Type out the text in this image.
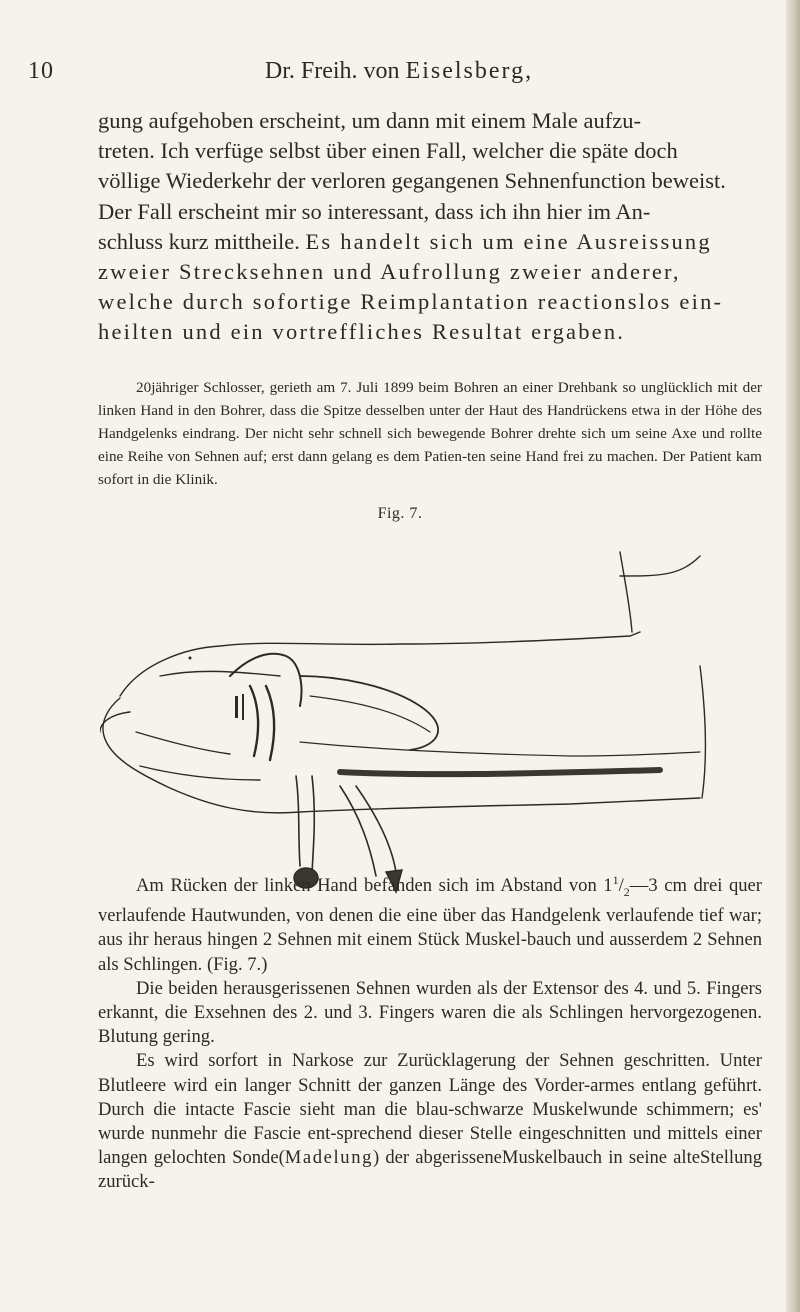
10	Dr. Freih. von Eiselsberg,
gung aufgehoben erscheint, um dann mit einem Male aufzu-
treten. Ich verfüge selbst über einen Fall, welcher die späte doch
völlige Wiederkehr der verloren gegangenen Sehnenfunction beweist.
Der Fall erscheint mir so interessant, dass ich ihn hier im An-
schluss kurz mittheile. Es handelt sich um eine Ausreissung
zweier Strecksehnen und Aufrollung zweier anderer,
welche durch sofortige Reimplantation reactionslos ein-
heilten und ein vortreffliches Resultat ergaben.

20jähriger Schlosser, gerieth am 7. Juli 1899 beim Bohren an einer Drehbank so unglücklich mit der linken Hand in den Bohrer, dass die Spitze desselben unter der Haut des Handrückens etwa in der Höhe des Handgelenks eindrang. Der nicht sehr schnell sich bewegende Bohrer drehte sich um seine Axe und rollte eine Reihe von Sehnen auf; erst dann gelang es dem Patien-ten seine Hand frei zu machen. Der Patient kam sofort in die Klinik.

Fig. 7.
Am Rücken der linken Hand befanden sich im Abstand von $1^1/_2—3$ cm drei quer verlaufende Hautwunden, von denen die eine über das Handgelenk verlaufende tief war; aus ihr heraus hingen 2 Sehnen mit einem Stück Muskel-bauch und ausserdem 2 Sehnen als Schlingen. (Fig. 7.)
Die beiden herausgerissenen Sehnen wurden als der Extensor des 4. und 5. Fingers erkannt, die Exsehnen des 2. und 3. Fingers waren die als Schlingen hervorgezogenen. Blutung gering.
Es wird sorfort in Narkose zur Zurücklagerung der Sehnen geschritten. Unter Blutleere wird ein langer Schnitt der ganzen Länge des Vorder-armes entlang geführt. Durch die intacte Fascie sieht man die blau-schwarze Muskelwunde schimmern; es' wurde nunmehr die Fascie ent-sprechend dieser Stelle eingeschnitten und mittels einer langen gelochten Sonde(Madelung) der abgerisseneMuskelbauch in seine alteStellung zurück-
